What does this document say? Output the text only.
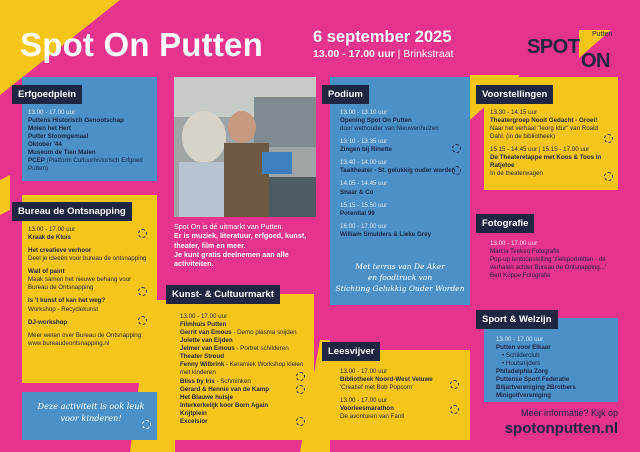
Spot On Putten	6 september 2025
13.00 - 17.00 uur | Brinkstraat	SPOT
ON
Putten
Erfgoedplein
13.00 - 17.00 uur
Puttens Historisch Genootschap
Molen het Hert
Putter Stoomgemaal
Oktober '44
Museum de Tien Malen
PCEP (Platform Cultuurhistorisch Erfgoed Putten)
Bureau de Ontsnapping
13.00 - 17.00 uur
Kraak de Kluis
Het creatieve verhoor
Deel je ideeën voor bureau de ontsnapping
Wall of paint
Maak samen het nieuwe behang voor Bureau de Ontsnapping
Is 't kunst of kan het weg?
Workshop - Recyclekunst
DJ-workshop
Meer weten over Bureau de Ontsnapping:
www.bureaudeontsnapping.nl
Deze activiteit is ook leuk voor kinderen!
Spot On is dé uitmarkt van Putten.
Er is muziek, literatuur, erfgoed, kunst, theater, film en meer.
Je kunt gratis deelnemen aan alle activiteiten.
Kunst- & Cultuurmarkt
13.00 - 17.00 uur
Filmhuis Putten
Gerrit van Emous - Demo plasma snijden
Jolette van Eijden
Jelmer van Emous - Portret schilderen
Theater Stroud
Fenny Wilbrink - Keramiek Workshop kleien met kinderen
Bliss by Iris - Schminken
Gerard & Hennie van de Kamp
Het Blauwe huisje
Interkerkelijk koor Born Again
Krijtplein
Excelsior
Podium
13.00 - 13.10 uur
Opening Spot On Putten
door wethouder van Nieuwenhuizen
13.10 - 13.35 uur
Zingen bij Rinette
13.40 - 14.00 uur
Taaltheater - St. gelukkig ouder worden
14.05 - 14.45 uur
Snaar & Co
15.15 - 15.50 uur
Potential 99
16.00 - 17.00 uur
William Smulders & Lieke Grey
Met terras van De Aker
en foodtruck van
Stichting Gelukkig Ouder Worden
Leesvijver
13.00 - 17.00 uur
Bibliotheek Noord-West Veluwe
'Creatief met Bob Popcorn'
13.00 - 17.00 uur
Voorleesmarathon
De avonturen van Fanti
Voorstellingen
13.30 - 14.15 uur
Theatergroep Nooit Gedacht - Groei!
Naar het verhaal "Ieorg Idur" van Roald Dahl. (in de bibliotheek)
15.15 - 14.45 uur | 15.15 - 17.00 uur
De Theateretappe met Koos & Toos in Ratjetoe
In de theaterwagen
Fotografie
13.00 - 17.00 uur
Marcia Teeken Fotografie
Pop-up tentoonstelling 'zielsportretten - de verhalen achter Bureau de Ontsnapping...'
Bert Koppe Fotografie
Sport & Welzijn
13.00 - 17.00 uur
Putten voor Elkaar
• Schilderclub
• Houtsnijders
Philadelphia Zorg
Puttense Sport Federatie
Biljartvereniging 2Brothers
Minigolfvereniging
Meer informatie? Kijk op
spotonputten.nl
